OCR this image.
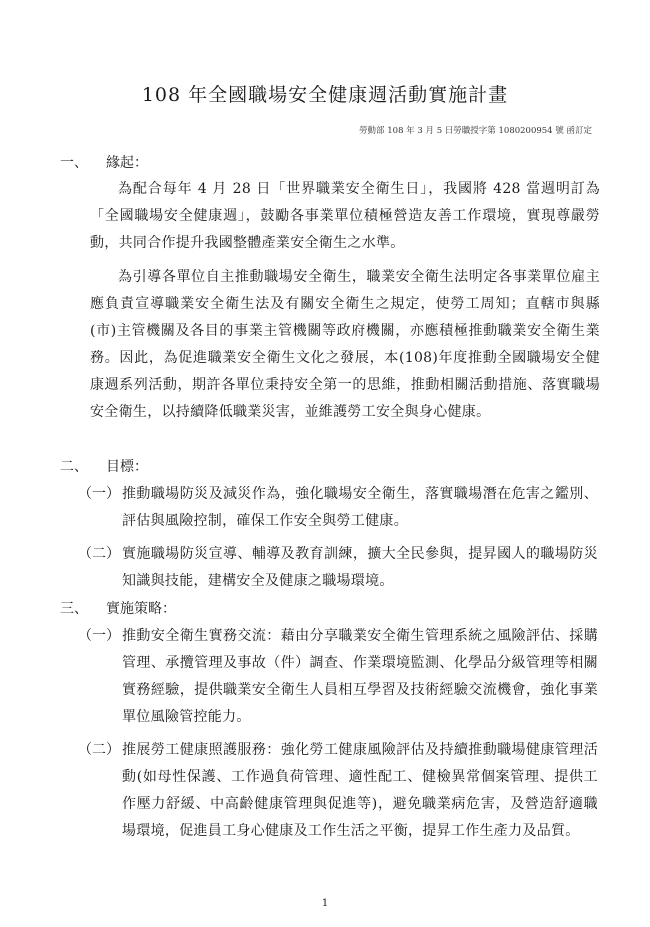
108 年全國職場安全健康週活動實施計畫
勞動部 108 年 3 月 5 日勞職授字第 1080200954 號 函訂定
一、 緣起：

為配合每年 4 月 28 日「世界職業安全衛生日」，我國將 428 當週明訂為「全國職場安全健康週」，鼓勵各事業單位積極營造友善工作環境，實現尊嚴勞動，共同合作提升我國整體產業安全衛生之水準。

為引導各單位自主推動職場安全衛生，職業安全衛生法明定各事業單位雇主應負責宣導職業安全衛生法及有關安全衛生之規定，使勞工周知；直轄市與縣(市)主管機關及各目的事業主管機關等政府機關，亦應積極推動職業安全衛生業務。因此，為促進職業安全衛生文化之發展，本(108)年度推動全國職場安全健康週系列活動，期許各單位秉持安全第一的思維，推動相關活動措施、落實職場安全衛生，以持續降低職業災害，並維護勞工安全與身心健康。

二、 目標：
（一） 推動職場防災及減災作為，強化職場安全衛生，落實職場潛在危害之鑑別、評估與風險控制，確保工作安全與勞工健康。
（二） 實施職場防災宣導、輔導及教育訓練，擴大全民參與，提昇國人的職場防災知識與技能，建構安全及健康之職場環境。
三、 實施策略：
（一） 推動安全衛生實務交流：藉由分享職業安全衛生管理系統之風險評估、採購管理、承攬管理及事故（件）調查、作業環境監測、化學品分級管理等相關實務經驗，提供職業安全衛生人員相互學習及技術經驗交流機會，強化事業單位風險管控能力。
（二） 推展勞工健康照護服務：強化勞工健康風險評估及持續推動職場健康管理活動(如母性保護、工作過負荷管理、適性配工、健檢異常個案管理、提供工作壓力舒緩、中高齡健康管理與促進等)，避免職業病危害，及營造舒適職場環境，促進員工身心健康及工作生活之平衡，提昇工作生產力及品質。
1
